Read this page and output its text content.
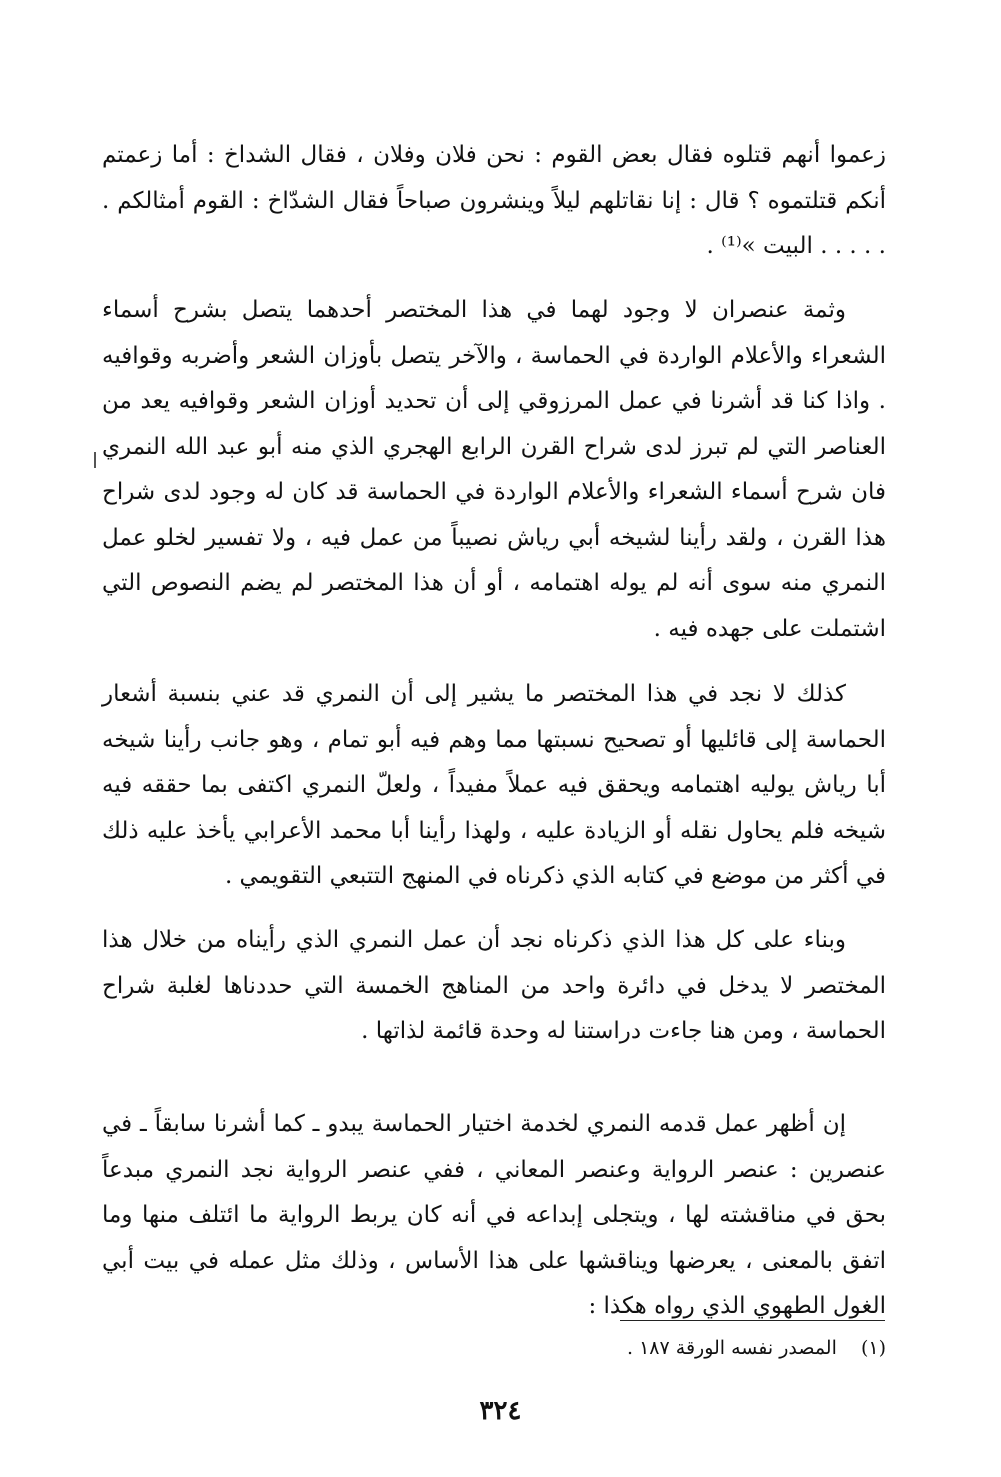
زعموا أنهم قتلوه فقال بعض القوم : نحن فلان وفلان ، فقال الشداخ : أما زعمتم أنكم قتلتموه ؟ قال : إنا نقاتلهم ليلاً وينشرون صباحاً فقال الشدّاخ : القوم أمثالكم . . . . . . البيت »⁽¹⁾ .

وثمة عنصران لا وجود لهما في هذا المختصر أحدهما يتصل بشرح أسماء الشعراء والأعلام الواردة في الحماسة ، والآخر يتصل بأوزان الشعر وأضربه وقوافيه . واذا كنا قد أشرنا في عمل المرزوقي إلى أن تحديد أوزان الشعر وقوافيه يعد من العناصر التي لم تبرز لدى شراح القرن الرابع الهجري الذي منه أبو عبد الله النمري فان شرح أسماء الشعراء والأعلام الواردة في الحماسة قد كان له وجود لدى شراح هذا القرن ، ولقد رأينا لشيخه أبي رياش نصيباً من عمل فيه ، ولا تفسير لخلو عمل النمري منه سوى أنه لم يوله اهتمامه ، أو أن هذا المختصر لم يضم النصوص التي اشتملت على جهده فيه .

كذلك لا نجد في هذا المختصر ما يشير إلى أن النمري قد عني بنسبة أشعار الحماسة إلى قائليها أو تصحيح نسبتها مما وهم فيه أبو تمام ، وهو جانب رأينا شيخه أبا رياش يوليه اهتمامه ويحقق فيه عملاً مفيداً ، ولعلّ النمري اكتفى بما حققه فيه شيخه فلم يحاول نقله أو الزيادة عليه ، ولهذا رأينا أبا محمد الأعرابي يأخذ عليه ذلك في أكثر من موضع في كتابه الذي ذكرناه في المنهج التتبعي التقويمي .

وبناء على كل هذا الذي ذكرناه نجد أن عمل النمري الذي رأيناه من خلال هذا المختصر لا يدخل في دائرة واحد من المناهج الخمسة التي حددناها لغلبة شراح الحماسة ، ومن هنا جاءت دراستنا له وحدة قائمة لذاتها .

إن أظهر عمل قدمه النمري لخدمة اختيار الحماسة يبدو ـ كما أشرنا سابقاً ـ في عنصرين : عنصر الرواية وعنصر المعاني ، ففي عنصر الرواية نجد النمري مبدعاً بحق في مناقشته لها ، ويتجلى إبداعه في أنه كان يربط الرواية ما ائتلف منها وما اتفق بالمعنى ، يعرضها ويناقشها على هذا الأساس ، وذلك مثل عمله في بيت أبي الغول الطهوي الذي رواه هكذا :

(١) المصدر نفسه الورقة ١٨٧ .
٣٢٤
